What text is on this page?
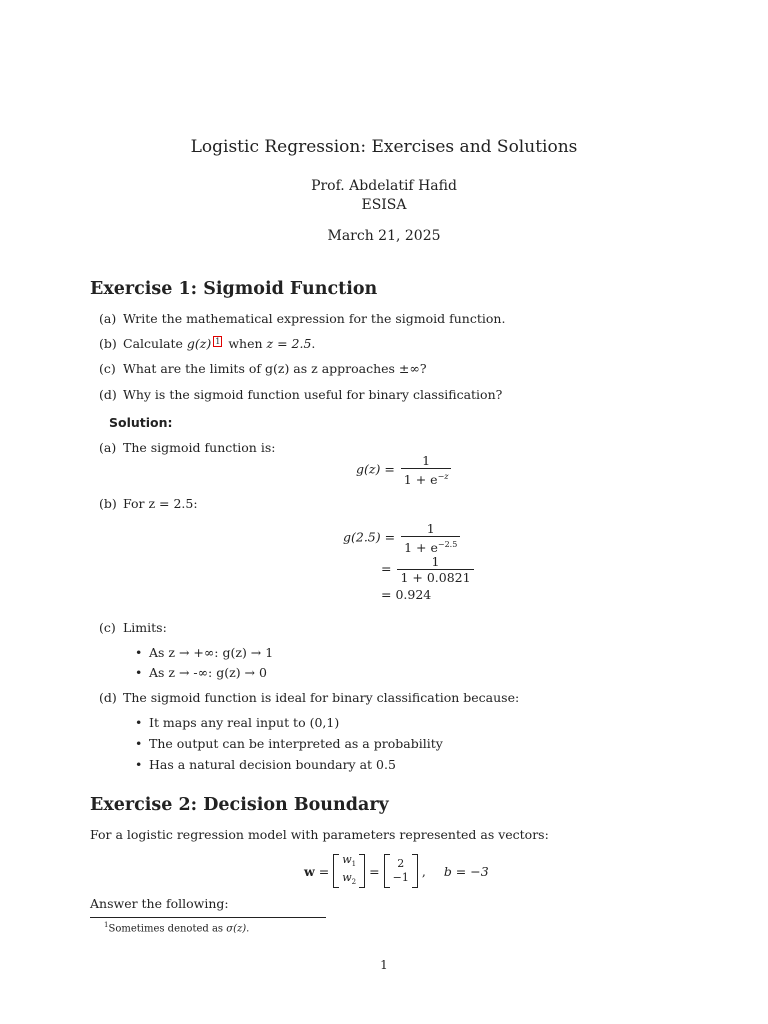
Logistic Regression: Exercises and Solutions
Prof. Abdelatif Hafid
ESISA
March 21, 2025
Exercise 1: Sigmoid Function
(a) Write the mathematical expression for the sigmoid function.
(b) Calculate g(z) 1 when z = 2.5.
(c) What are the limits of g(z) as z approaches ±∞?
(d) Why is the sigmoid function useful for binary classification?
Solution:
(a) The sigmoid function is:
$g(z) = \frac{1}{1 + e^{-z}}$
(b) For z = 2.5:
$g(2.5) = \frac{1}{1 + e^{-2.5}}$
= $\frac{1}{1 + 0.0821}$
= 0.924
(c) Limits:
• As z → +∞: g(z) → 1
• As z → -∞: g(z) → 0
(d) The sigmoid function is ideal for binary classification because:
• It maps any real input to (0,1)
• The output can be interpreted as a probability
• Has a natural decision boundary at 0.5
Exercise 2: Decision Boundary
For a logistic regression model with parameters represented as vectors:
w =
$w_1$
$w_2$
= 2
−1 , b = −3
Answer the following:
$^1$Sometimes denoted as σ(z).
1
